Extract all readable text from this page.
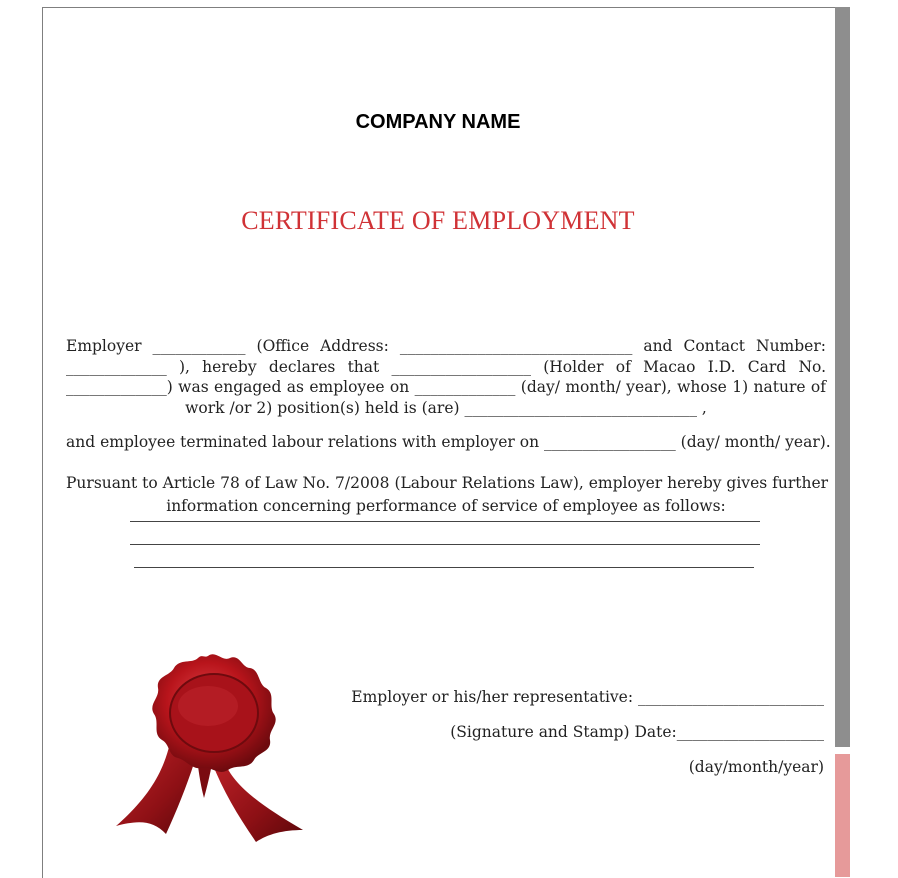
COMPANY NAME
CERTIFICATE OF EMPLOYMENT
Employer ____________ (Office Address: ______________________________ and Contact Number:
_____________ ), hereby declares that __________________ (Holder of Macao I.D. Card No.
_____________) was engaged as employee on _____________ (day/ month/ year), whose 1) nature of
work /or 2) position(s) held is (are) ______________________________ ,
and employee terminated labour relations with employer on _________________ (day/ month/ year).
Pursuant to Article 78 of Law No. 7/2008 (Labour Relations Law), employer hereby gives further
information concerning performance of service of employee as follows:
Employer or his/her representative: ________________________
(Signature and Stamp) Date:___________________
(day/month/year)
